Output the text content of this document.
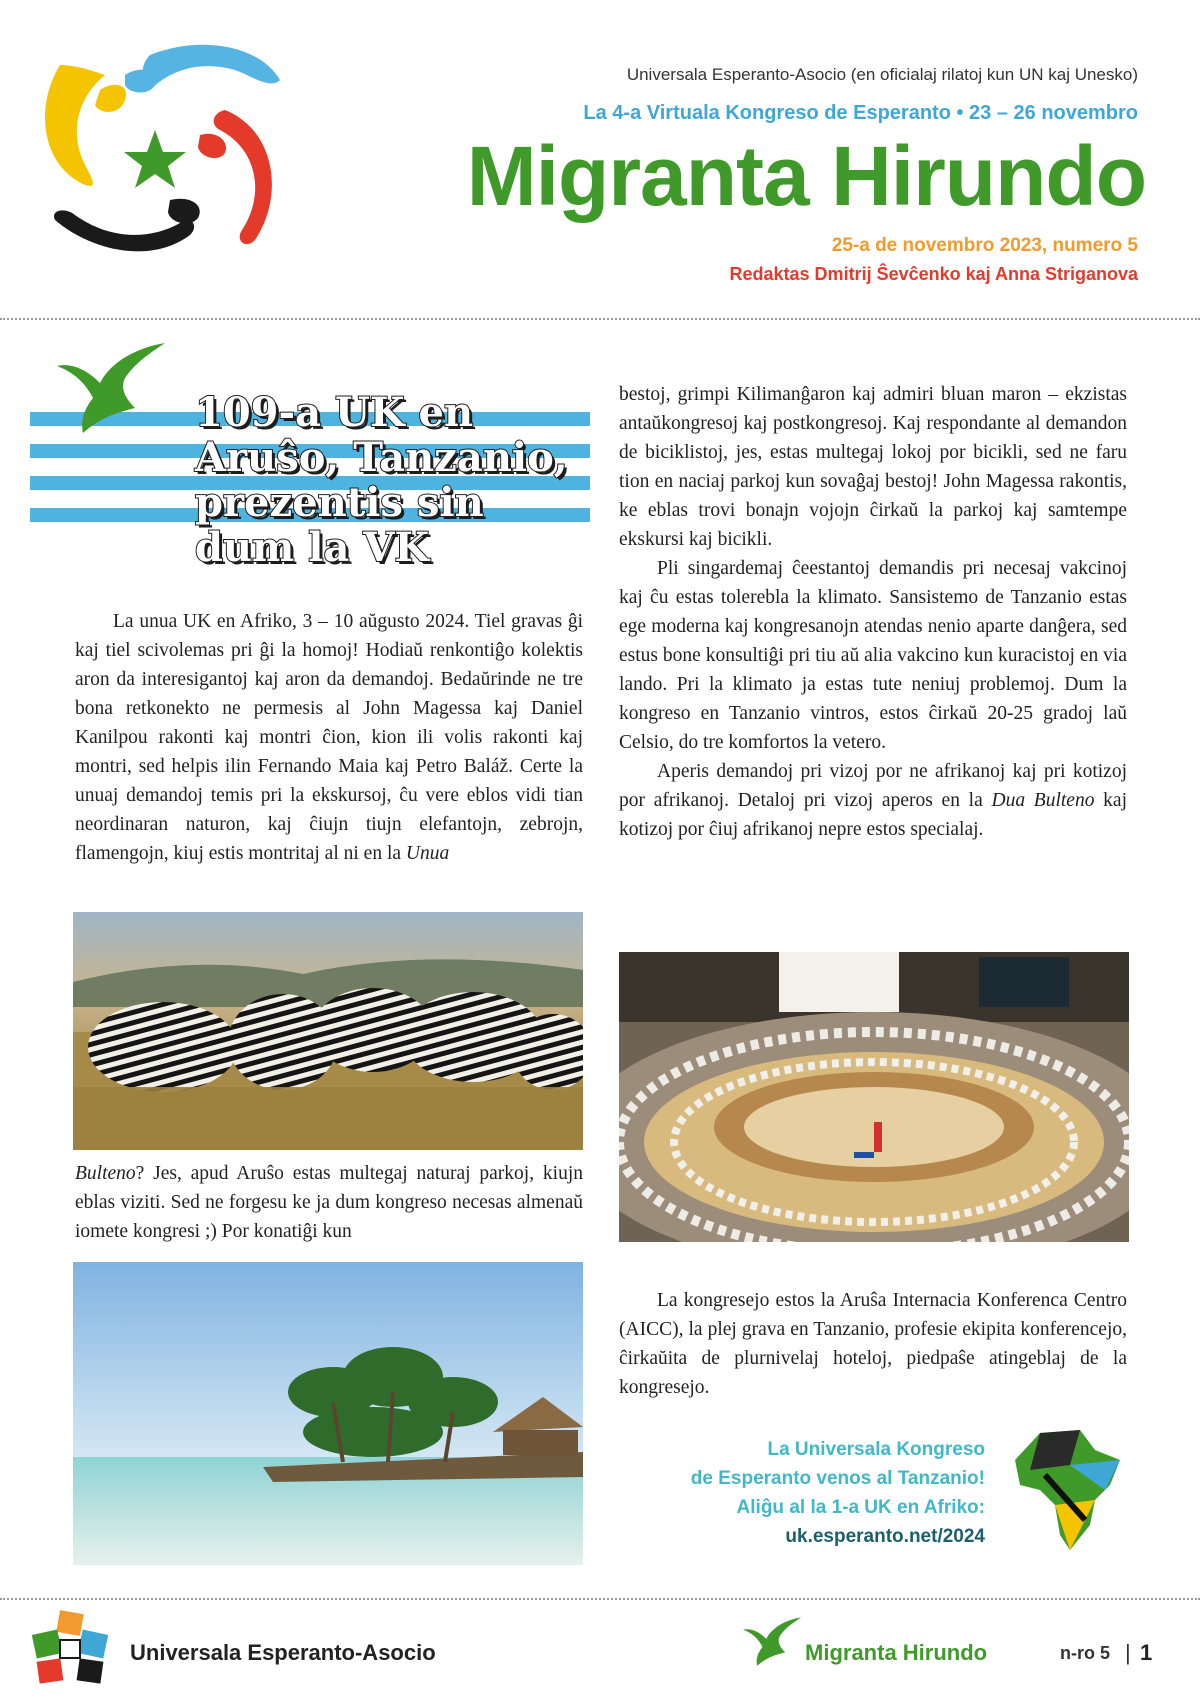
Universala Esperanto-Asocio (en oficialaj rilatoj kun UN kaj Unesko)
La 4-a Virtuala Kongreso de Esperanto • 23 – 26 novembro
Migranta Hirundo
25-a de novembro 2023, numero 5
Redaktas Dmitrij Ŝevĉenko kaj Anna Striganova
109-a UK en Aruŝo, Tanzanio, prezentis sin dum la VK

La unua UK en Afriko, 3 – 10 aŭgusto 2024. Tiel gravas ĝi kaj tiel scivolemas pri ĝi la homoj! Hodiaŭ renkontiĝo kolektis aron da interesigantoj kaj aron da demandoj. Bedaŭrinde ne tre bona retkonekto ne permesis al John Magessa kaj Daniel Kanilpou rakonti kaj montri ĉion, kion ili volis rakonti kaj montri, sed helpis ilin Fernando Maia kaj Petro Baláž. Certe la unuaj demandoj temis pri la ekskursoj, ĉu vere eblos vidi tian neordinaran naturon, kaj ĉiujn tiujn elefantojn, zebrojn, flamengojn, kiuj estis montritaj al ni en la Unua

Bulteno? Jes, apud Aruŝo estas multegaj naturaj parkoj, kiujn eblas viziti. Sed ne forgesu ke ja dum kongreso necesas almenaŭ iomete kongresi ;) Por konatiĝi kun

bestoj, grimpi Kilimanĝaron kaj admiri bluan maron – ekzistas antaŭkongresoj kaj postkongresoj. Kaj respondante al demandon de biciklistoj, jes, estas multegaj lokoj por bicikli, sed ne faru tion en naciaj parkoj kun sovaĝaj bestoj! John Magessa rakontis, ke eblas trovi bonajn vojojn ĉirkaŭ la parkoj kaj samtempe ekskursi kaj bicikli.

Pli singardemaj ĉeestantoj demandis pri necesaj vakcinoj kaj ĉu estas tolerebla la klimato. Sansistemo de Tanzanio estas ege moderna kaj kongresanojn atendas nenio aparte danĝera, sed estus bone konsultiĝi pri tiu aŭ alia vakcino kun kuracistoj en via lando. Pri la klimato ja estas tute neniuj problemoj. Dum la kongreso en Tanzanio vintros, estos ĉirkaŭ 20-25 gradoj laŭ Celsio, do tre komfortos la vetero.

Aperis demandoj pri vizoj por ne afrikanoj kaj pri kotizoj por afrikanoj. Detaloj pri vizoj aperos en la Dua Bulteno kaj kotizoj por ĉiuj afrikanoj nepre estos specialaj.

La kongresejo estos la Aruŝa Internacia Konferenca Centro (AICC), la plej grava en Tanzanio, profesie ekipita konferencejo, ĉirkaŭita de plurnivelaj hoteloj, piedpaŝe atingeblaj de la kongresejo.

La Universala Kongreso
de Esperanto venos al Tanzanio!
Aliĝu al la 1-a UK en Afriko:
uk.esperanto.net/2024
Universala Esperanto-Asocio	Migranta Hirundo	n-ro 5 | 1
